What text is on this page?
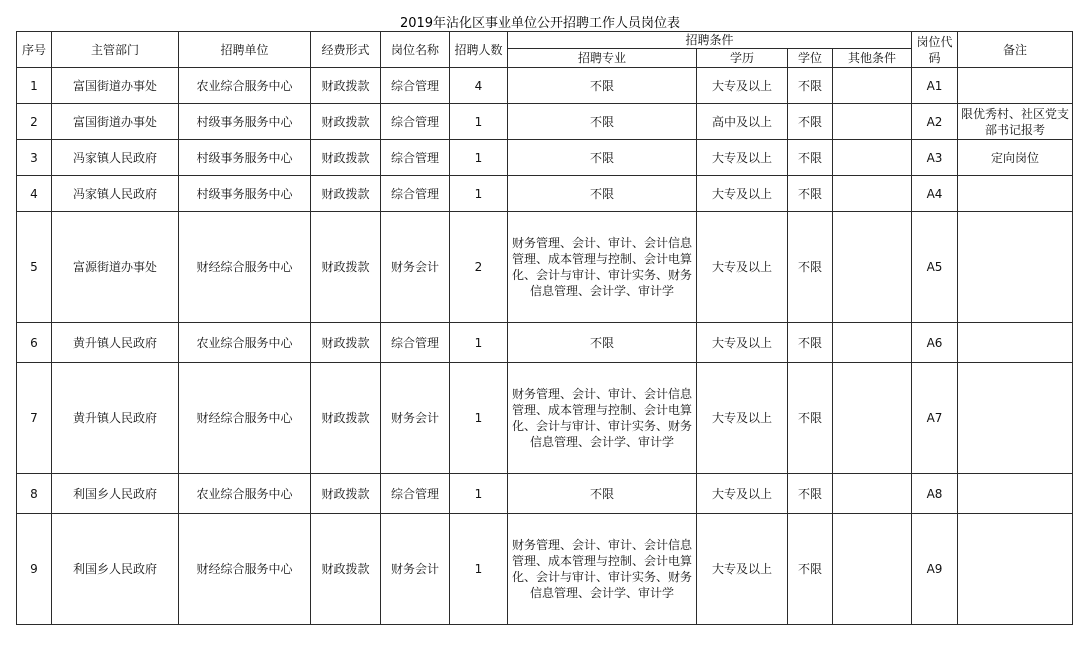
2019年沾化区事业单位公开招聘工作人员岗位表
序号	主管部门	招聘单位	经费形式	岗位名称	招聘人数	招聘条件				岗位代码	备注
						招聘专业	学历	学位	其他条件		
1	富国街道办事处	农业综合服务中心	财政拨款	综合管理	4	不限	大专及以上	不限		A1	
2	富国街道办事处	村级事务服务中心	财政拨款	综合管理	1	不限	高中及以上	不限		A2	限优秀村、社区党支部书记报考
3	冯家镇人民政府	村级事务服务中心	财政拨款	综合管理	1	不限	大专及以上	不限		A3	定向岗位
4	冯家镇人民政府	村级事务服务中心	财政拨款	综合管理	1	不限	大专及以上	不限		A4	
5	富源街道办事处	财经综合服务中心	财政拨款	财务会计	2	财务管理、会计、审计、会计信息管理、成本管理与控制、会计电算化、会计与审计、审计实务、财务信息管理、会计学、审计学	大专及以上	不限		A5	
6	黄升镇人民政府	农业综合服务中心	财政拨款	综合管理	1	不限	大专及以上	不限		A6	
7	黄升镇人民政府	财经综合服务中心	财政拨款	财务会计	1	财务管理、会计、审计、会计信息管理、成本管理与控制、会计电算化、会计与审计、审计实务、财务信息管理、会计学、审计学	大专及以上	不限		A7	
8	利国乡人民政府	农业综合服务中心	财政拨款	综合管理	1	不限	大专及以上	不限		A8	
9	利国乡人民政府	财经综合服务中心	财政拨款	财务会计	1	财务管理、会计、审计、会计信息管理、成本管理与控制、会计电算化、会计与审计、审计实务、财务信息管理、会计学、审计学	大专及以上	不限		A9	
